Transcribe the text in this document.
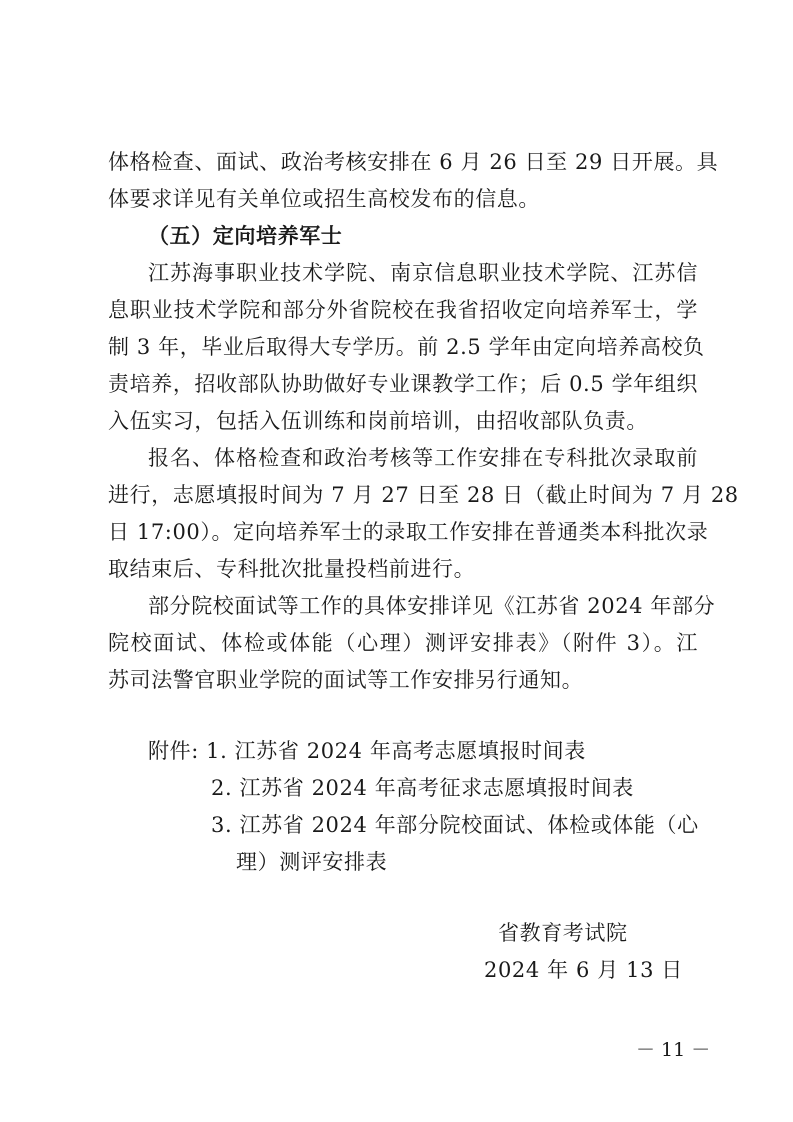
体格检查、面试、政治考核安排在 6 月 26 日至 29 日开展。具
体要求详见有关单位或招生高校发布的信息。
（五）定向培养军士
江苏海事职业技术学院、南京信息职业技术学院、江苏信
息职业技术学院和部分外省院校在我省招收定向培养军士，学
制 3 年，毕业后取得大专学历。前 2.5 学年由定向培养高校负
责培养，招收部队协助做好专业课教学工作；后 0.5 学年组织
入伍实习，包括入伍训练和岗前培训，由招收部队负责。
报名、体格检查和政治考核等工作安排在专科批次录取前
进行，志愿填报时间为 7 月 27 日至 28 日（截止时间为 7 月 28
日 17:00）。定向培养军士的录取工作安排在普通类本科批次录
取结束后、专科批次批量投档前进行。
部分院校面试等工作的具体安排详见《江苏省 2024 年部分
院校面试、体检或体能（心理）测评安排表》（附件 3）。江
苏司法警官职业学院的面试等工作安排另行通知。
附件: 1. 江苏省 2024 年高考志愿填报时间表
2. 江苏省 2024 年高考征求志愿填报时间表
3. 江苏省 2024 年部分院校面试、体检或体能（心
理）测评安排表
省教育考试院
2024 年 6 月 13 日
－ 11 －
